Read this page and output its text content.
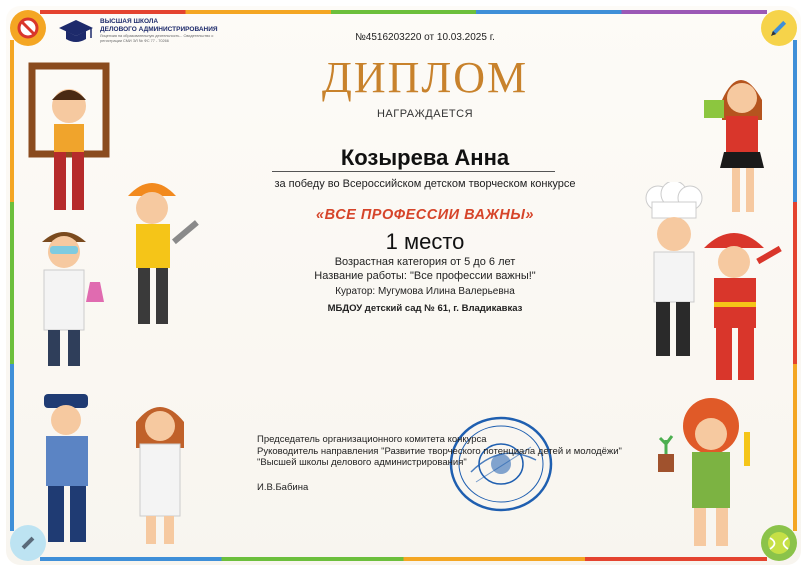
ВЫСШАЯ ШКОЛА
ДЕЛОВОГО АДМИНИСТРИРОВАНИЯ
Лицензия на образовательную деятельность... Свидетельство о регистрации СМИ ЭЛ № ФС 77 - 70266	№4516203220 от 10.03.2025 г.
ДИПЛОМ
НАГРАЖДАЕТСЯ
Козырева Анна
за победу во Всероссийском детском творческом конкурсе
«ВСЕ ПРОФЕССИИ ВАЖНЫ»
1 место
Возрастная категория от 5 до 6 лет
Название работы: "Все профессии важны!"
Куратор: Мугумова Илина Валерьевна
МБДОУ детский сад № 61, г. Владикавказ
Председатель организационного комитета конкурса
Руководитель направления "Развитие творческого потенциала детей и молодёжи"
"Высшей школы делового администрирования"
И.В.Бабина
